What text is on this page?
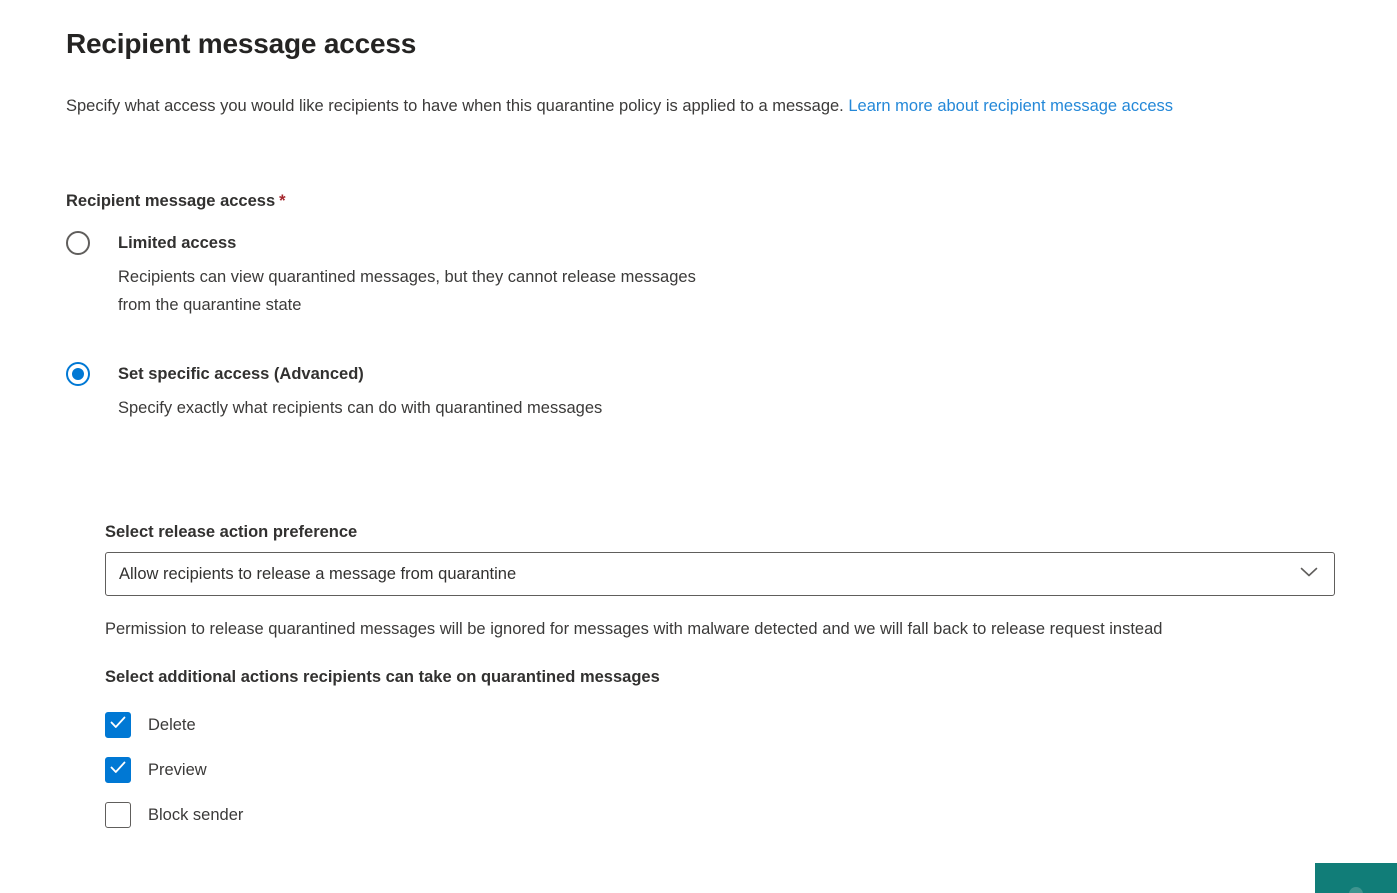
Recipient message access

Specify what access you would like recipients to have when this quarantine policy is applied to a message. Learn more about recipient message access

Recipient message access *
Limited access
Recipients can view quarantined messages, but they cannot release messages from the quarantine state
Set specific access (Advanced)
Specify exactly what recipients can do with quarantined messages
Select release action preference
Allow recipients to release a message from quarantine

Permission to release quarantined messages will be ignored for messages with malware detected and we will fall back to release request instead

Select additional actions recipients can take on quarantined messages
Delete
Preview
Block sender
